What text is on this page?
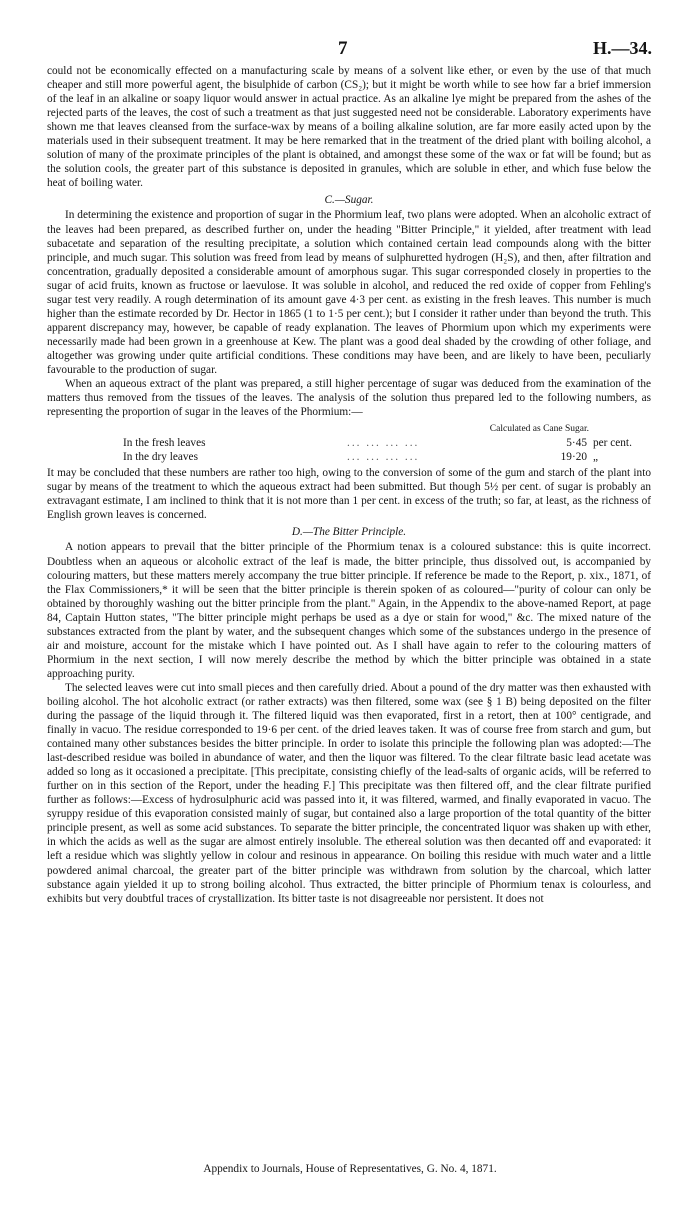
7	H.—34.

could not be economically effected on a manufacturing scale by means of a solvent like ether, or even by the use of that much cheaper and still more powerful agent, the bisulphide of carbon (CS₂); but it might be worth while to see how far a brief immersion of the leaf in an alkaline or soapy liquor would answer in actual practice. As an alkaline lye might be prepared from the ashes of the rejected parts of the leaves, the cost of such a treatment as that just suggested need not be considerable. Laboratory experiments have shown me that leaves cleansed from the surface-wax by means of a boiling alkaline solution, are far more easily acted upon by the materials used in their subsequent treatment. It may be here remarked that in the treatment of the dried plant with boiling alcohol, a solution of many of the proximate principles of the plant is obtained, and amongst these some of the wax or fat will be found; but as the solution cools, the greater part of this substance is deposited in granules, which are soluble in ether, and which fuse below the heat of boiling water.

C.—Sugar.

In determining the existence and proportion of sugar in the Phormium leaf, two plans were adopted. When an alcoholic extract of the leaves had been prepared, as described further on, under the heading "Bitter Principle," it yielded, after treatment with lead subacetate and separation of the resulting precipitate, a solution which contained certain lead compounds along with the bitter principle, and much sugar. This solution was freed from lead by means of sulphuretted hydrogen (H₂S), and then, after filtration and concentration, gradually deposited a considerable amount of amorphous sugar. This sugar corresponded closely in properties to the sugar of acid fruits, known as fructose or laevulose. It was soluble in alcohol, and reduced the red oxide of copper from Fehling's sugar test very readily. A rough determination of its amount gave 4·3 per cent. as existing in the fresh leaves. This number is much higher than the estimate recorded by Dr. Hector in 1865 (1 to 1·5 per cent.); but I consider it rather under than beyond the truth. This apparent discrepancy may, however, be capable of ready explanation. The leaves of Phormium upon which my experiments were necessarily made had been grown in a greenhouse at Kew. The plant was a good deal shaded by the crowding of other foliage, and altogether was growing under quite artificial conditions. These conditions may have been, and are likely to have been, peculiarly favourable to the production of sugar.

When an aqueous extract of the plant was prepared, a still higher percentage of sugar was deduced from the examination of the matters thus removed from the tissues of the leaves. The analysis of the solution thus prepared led to the following numbers, as representing the proportion of sugar in the leaves of the Phormium:—

Calculated as Cane Sugar.
In the fresh leaves	... ... ... ...	5·45 per cent.
In the dry leaves	... ... ... ...	19·20 „

It may be concluded that these numbers are rather too high, owing to the conversion of some of the gum and starch of the plant into sugar by means of the treatment to which the aqueous extract had been submitted. But though 5½ per cent. of sugar is probably an extravagant estimate, I am inclined to think that it is not more than 1 per cent. in excess of the truth; so far, at least, as the richness of English grown leaves is concerned.

D.—The Bitter Principle.

A notion appears to prevail that the bitter principle of the Phormium tenax is a coloured substance: this is quite incorrect. Doubtless when an aqueous or alcoholic extract of the leaf is made, the bitter principle, thus dissolved out, is accompanied by colouring matters, but these matters merely accompany the true bitter principle. If reference be made to the Report, p. xix., 1871, of the Flax Commissioners,* it will be seen that the bitter principle is therein spoken of as coloured—"purity of colour can only be obtained by thoroughly washing out the bitter principle from the plant." Again, in the Appendix to the above-named Report, at page 84, Captain Hutton states, "The bitter principle might perhaps be used as a dye or stain for wood," &c. The mixed nature of the substances extracted from the plant by water, and the subsequent changes which some of the substances undergo in the presence of air and moisture, account for the mistake which I have pointed out. As I shall have again to refer to the colouring matters of Phormium in the next section, I will now merely describe the method by which the bitter principle was obtained in a state approaching purity.

The selected leaves were cut into small pieces and then carefully dried. About a pound of the dry matter was then exhausted with boiling alcohol. The hot alcoholic extract (or rather extracts) was then filtered, some wax (see § 1 B) being deposited on the filter during the passage of the liquid through it. The filtered liquid was then evaporated, first in a retort, then at 100° centigrade, and finally in vacuo. The residue corresponded to 19·6 per cent. of the dried leaves taken. It was of course free from starch and gum, but contained many other substances besides the bitter principle. In order to isolate this principle the following plan was adopted:—The last-described residue was boiled in abundance of water, and then the liquor was filtered. To the clear filtrate basic lead acetate was added so long as it occasioned a precipitate. [This precipitate, consisting chiefly of the lead-salts of organic acids, will be referred to further on in this section of the Report, under the heading F.] This precipitate was then filtered off, and the clear filtrate purified further as follows:—Excess of hydrosulphuric acid was passed into it, it was filtered, warmed, and finally evaporated in vacuo. The syruppy residue of this evaporation consisted mainly of sugar, but contained also a large proportion of the total quantity of the bitter principle present, as well as some acid substances. To separate the bitter principle, the concentrated liquor was shaken up with ether, in which the acids as well as the sugar are almost entirely insoluble. The ethereal solution was then decanted off and evaporated: it left a residue which was slightly yellow in colour and resinous in appearance. On boiling this residue with much water and a little powdered animal charcoal, the greater part of the bitter principle was withdrawn from solution by the charcoal, which latter substance again yielded it up to strong boiling alcohol. Thus extracted, the bitter principle of Phormium tenax is colourless, and exhibits but very doubtful traces of crystallization. Its bitter taste is not disagreeable nor persistent. It does not

Appendix to Journals, House of Representatives, G. No. 4, 1871.
